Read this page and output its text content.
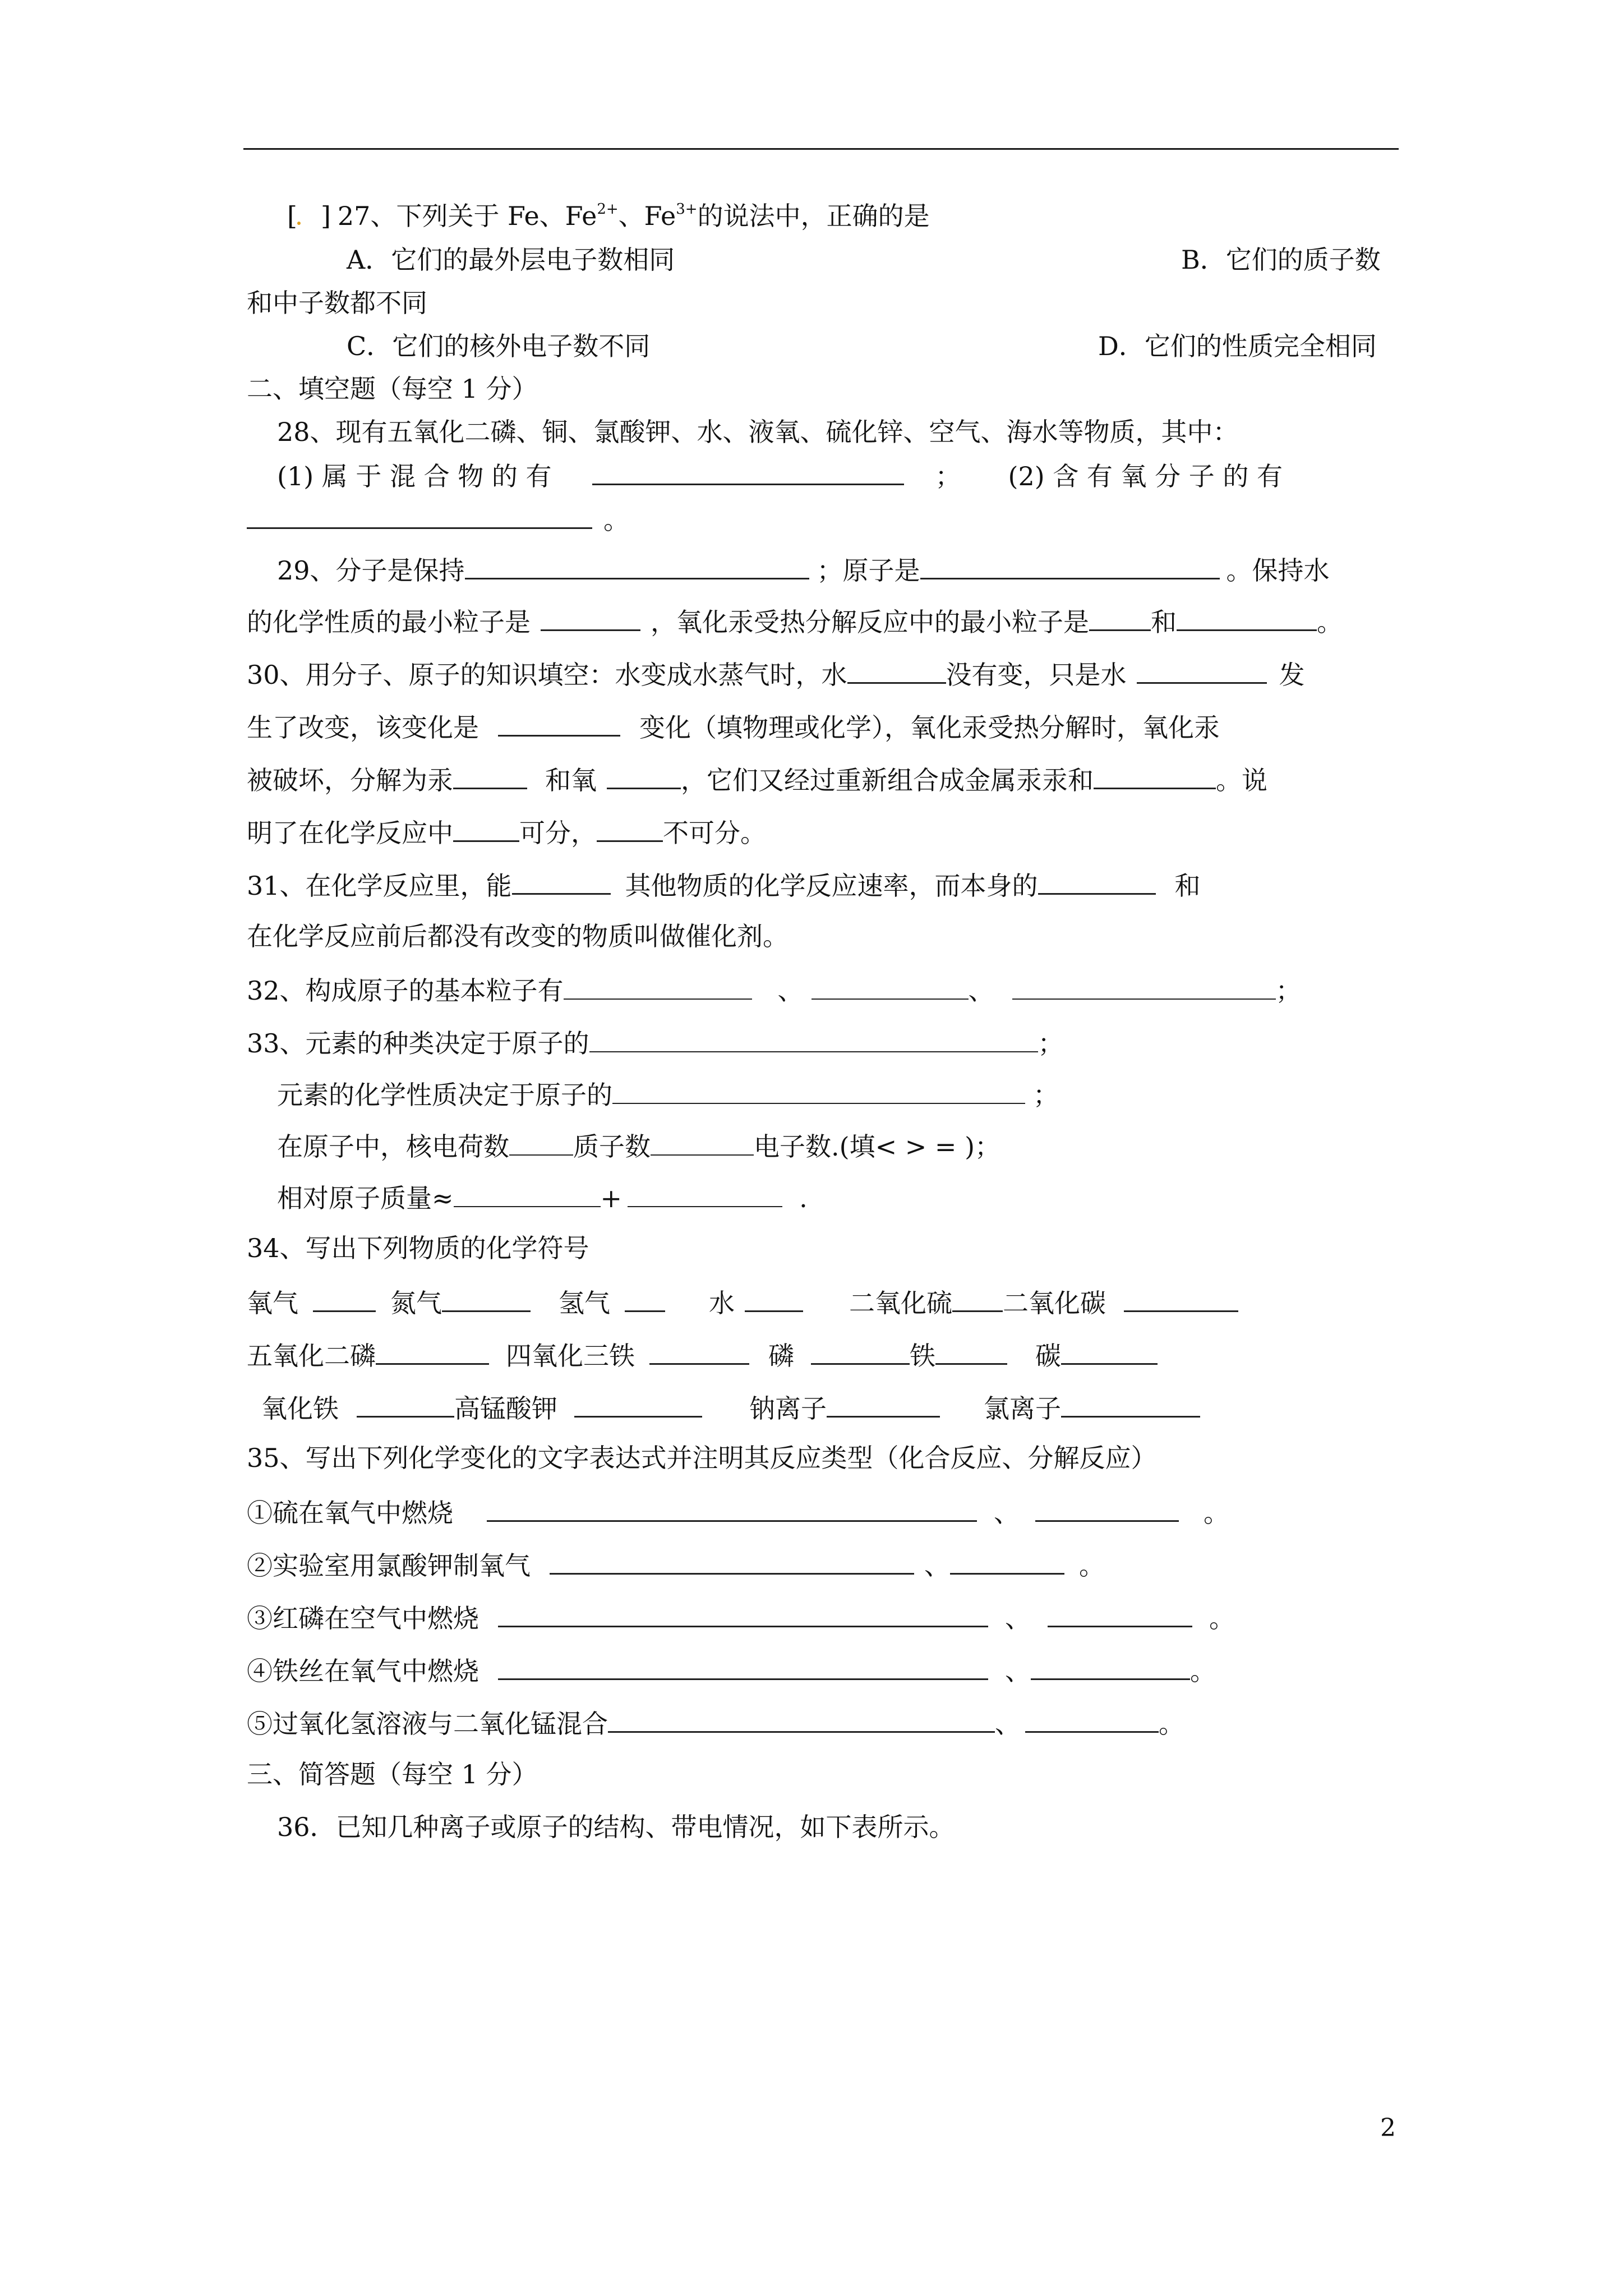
[ ] 27、下列关于 Fe、$Fe^{2+}$、$Fe^{3+}$的说法中，正确的是
A．它们的最外层电子数相同	B．它们的质子数
和中子数都不同
C．它们的核外电子数不同	D．它们的性质完全相同
二、填空题（每空 1 分）
28、现有五氧化二磷、铜、氯酸钾、水、液氧、硫化锌、空气、海水等物质，其中：
(1) 属 于 混 合 物 的 有	； (2) 含 有 氧 分 子 的 有
。
29、分子是保持	；原子是	。保持水
的化学性质的最小粒子是	，氧化汞受热分解反应中的最小粒子是 和	。
30、用分子、原子的知识填空：水变成水蒸气时，水	没有变，只是水	发
生了改变，该变化是	变化（填物理或化学），氧化汞受热分解时，氧化汞
被破坏，分解为汞	和氧	，它们又经过重新组合成金属汞汞和	。说
明了在化学反应中	可分，	不可分。
31、在化学反应里，能	其他物质的化学反应速率，而本身的	和
在化学反应前后都没有改变的物质叫做催化剂。
32、构成原子的基本粒子有	、	、	；
33、元素的种类决定于原子的	；
元素的化学性质决定于原子的	；
在原子中，核电荷数 质子数	电子数.(填< > = )；
相对原子质量≈	+	.
34、写出下列物质的化学符号
氧气	氮气	氢气	水	二氧化硫 二氧化碳
五氧化二磷	四氧化三铁	磷	铁	碳
氧化铁	高锰酸钾	钠离子	氯离子
35、写出下列化学变化的文字表达式并注明其反应类型（化合反应、分解反应）
①硫在氧气中燃烧	、	。
②实验室用氯酸钾制氧气	、	。
③红磷在空气中燃烧	、	。
④铁丝在氧气中燃烧	、	。
⑤过氧化氢溶液与二氧化锰混合	、	。
三、简答题（每空 1 分）
36．已知几种离子或原子的结构、带电情况，如下表所示。
2
